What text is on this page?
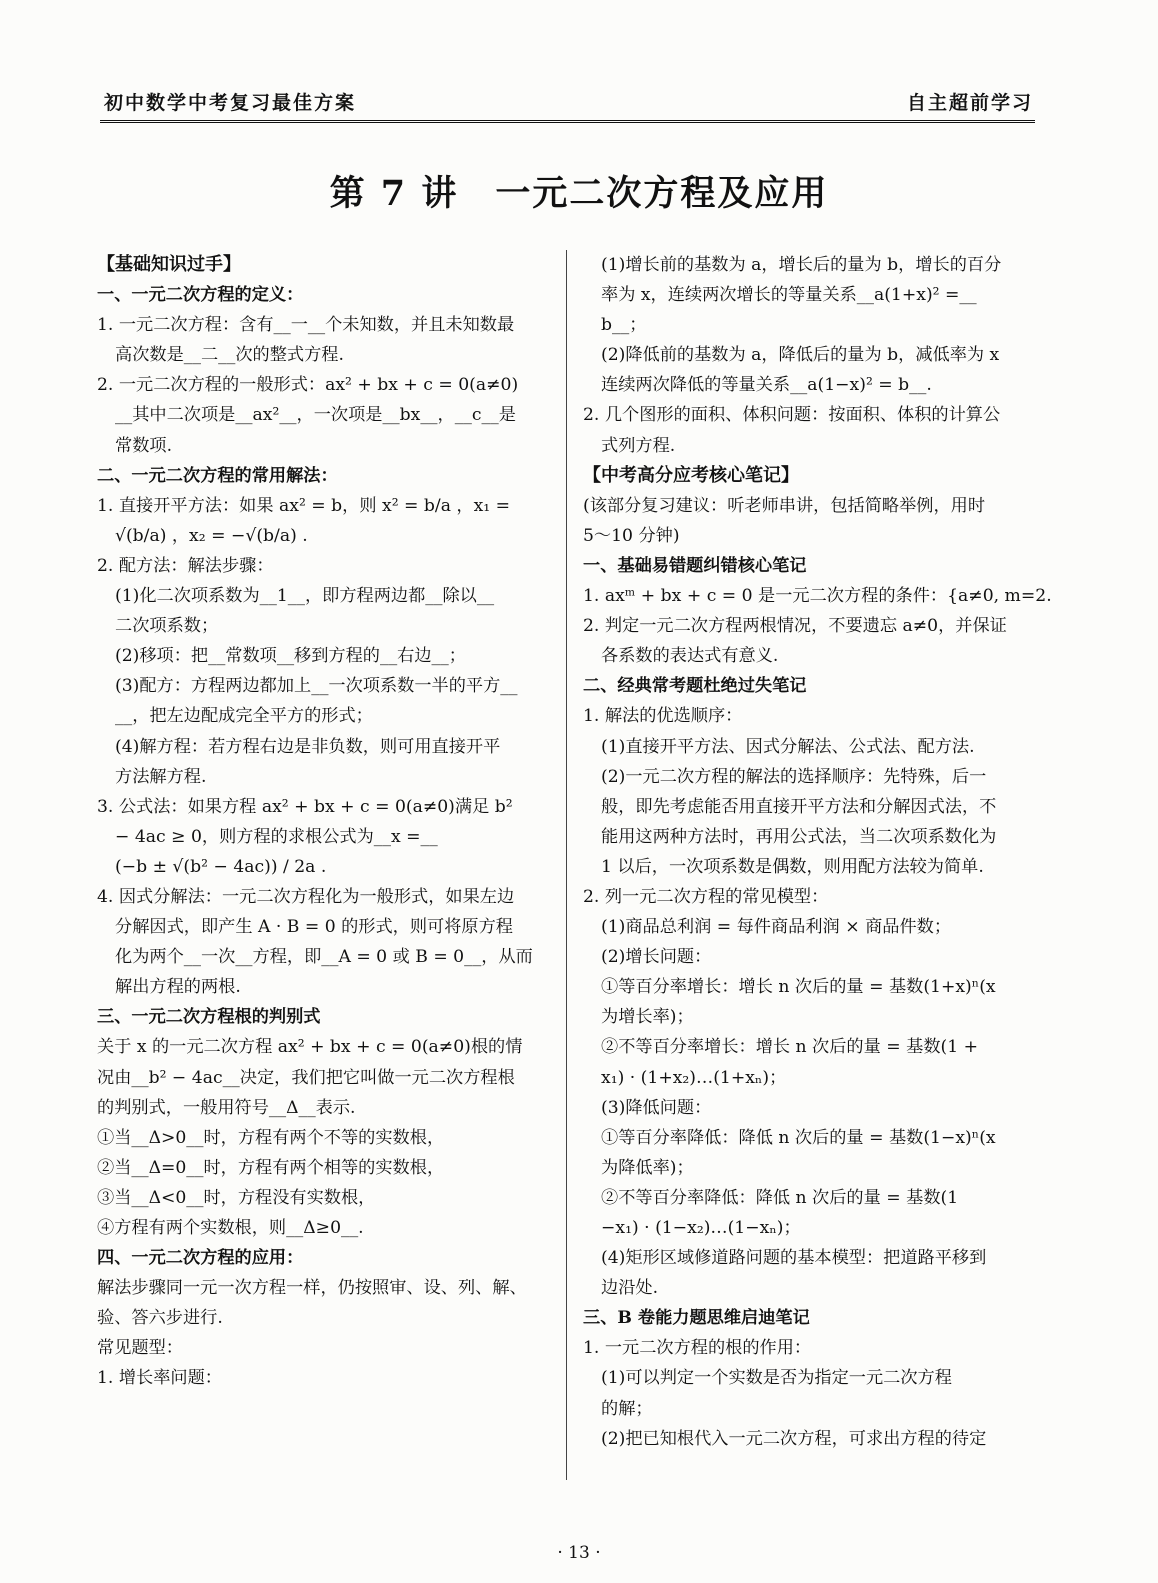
初中数学中考复习最佳方案	自主超前学习
第 7 讲　一元二次方程及应用
【基础知识过手】
一、一元二次方程的定义：
1. 一元二次方程：含有__一__个未知数，并且未知数最
高次数是__二__次的整式方程.
2. 一元二次方程的一般形式：ax² + bx + c = 0(a≠0)
__其中二次项是__ax²__，一次项是__bx__，__c__是
常数项.
二、一元二次方程的常用解法：
1. 直接开平方法：如果 ax² = b，则 x² = b/a ，x₁ =
√(b/a) ，x₂ = −√(b/a) .
2. 配方法：解法步骤：
(1)化二次项系数为__1__，即方程两边都__除以__
二次项系数；
(2)移项：把__常数项__移到方程的__右边__；
(3)配方：方程两边都加上__一次项系数一半的平方__
__，把左边配成完全平方的形式；
(4)解方程：若方程右边是非负数，则可用直接开平
方法解方程.
3. 公式法：如果方程 ax² + bx + c = 0(a≠0)满足 b²
− 4ac ≥ 0，则方程的求根公式为__x =__
(−b ± √(b² − 4ac)) / 2a .
4. 因式分解法：一元二次方程化为一般形式，如果左边
分解因式，即产生 A · B = 0 的形式，则可将原方程
化为两个__一次__方程，即__A = 0 或 B = 0__，从而
解出方程的两根.
三、一元二次方程根的判别式
关于 x 的一元二次方程 ax² + bx + c = 0(a≠0)根的情
况由__b² − 4ac__决定，我们把它叫做一元二次方程根
的判别式，一般用符号__Δ__表示.
①当__Δ>0__时，方程有两个不等的实数根，
②当__Δ=0__时，方程有两个相等的实数根，
③当__Δ<0__时，方程没有实数根，
④方程有两个实数根，则__Δ≥0__.
四、一元二次方程的应用：
解法步骤同一元一次方程一样，仍按照审、设、列、解、
验、答六步进行.
常见题型：
1. 增长率问题：
(1)增长前的基数为 a，增长后的量为 b，增长的百分
率为 x，连续两次增长的等量关系__a(1+x)² =__
b__；
(2)降低前的基数为 a，降低后的量为 b，减低率为 x
连续两次降低的等量关系__a(1−x)² = b__.
2. 几个图形的面积、体积问题：按面积、体积的计算公
式列方程.
【中考高分应考核心笔记】
(该部分复习建议：听老师串讲，包括简略举例，用时
5～10 分钟)
一、基础易错题纠错核心笔记
1. axᵐ + bx + c = 0 是一元二次方程的条件：{a≠0, m=2.
2. 判定一元二次方程两根情况，不要遗忘 a≠0，并保证
各系数的表达式有意义.
二、经典常考题杜绝过失笔记
1. 解法的优选顺序：
(1)直接开平方法、因式分解法、公式法、配方法.
(2)一元二次方程的解法的选择顺序：先特殊，后一
般，即先考虑能否用直接开平方法和分解因式法，不
能用这两种方法时，再用公式法，当二次项系数化为
1 以后，一次项系数是偶数，则用配方法较为简单.
2. 列一元二次方程的常见模型：
(1)商品总利润 = 每件商品利润 × 商品件数；
(2)增长问题：
①等百分率增长：增长 n 次后的量 = 基数(1+x)ⁿ(x
为增长率)；
②不等百分率增长：增长 n 次后的量 = 基数(1 +
x₁) · (1+x₂)…(1+xₙ)；
(3)降低问题：
①等百分率降低：降低 n 次后的量 = 基数(1−x)ⁿ(x
为降低率)；
②不等百分率降低：降低 n 次后的量 = 基数(1
−x₁) · (1−x₂)…(1−xₙ)；
(4)矩形区域修道路问题的基本模型：把道路平移到
边沿处.
三、B 卷能力题思维启迪笔记
1. 一元二次方程的根的作用：
(1)可以判定一个实数是否为指定一元二次方程
的解；
(2)把已知根代入一元二次方程，可求出方程的待定
· 13 ·
